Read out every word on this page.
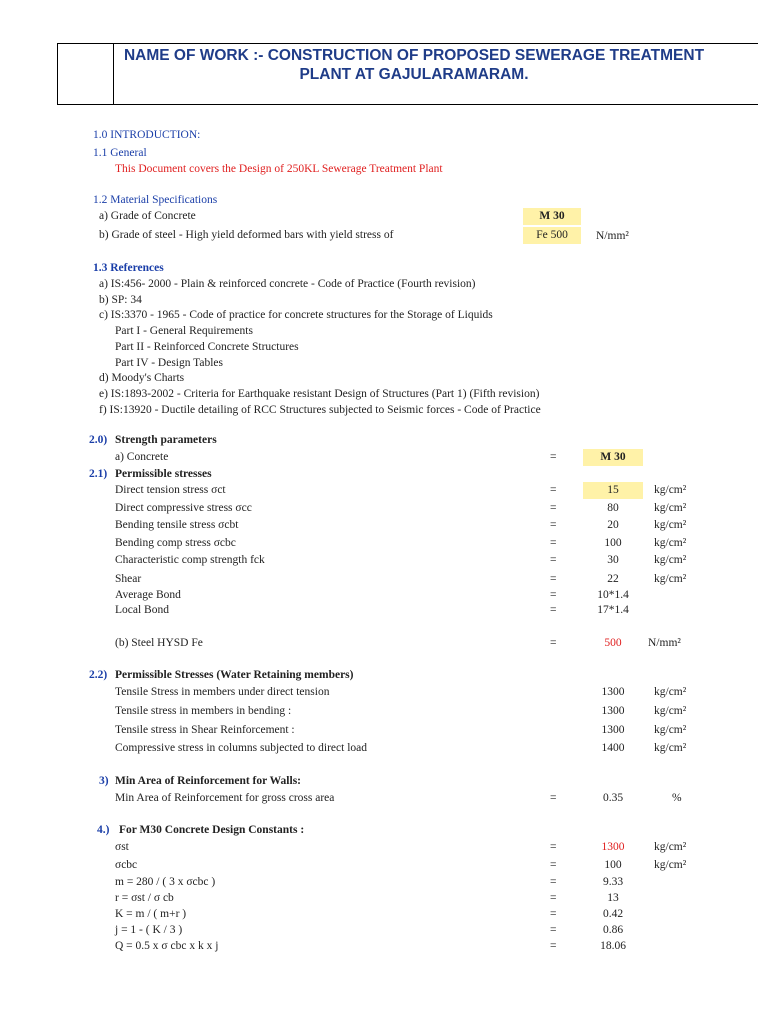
NAME OF WORK :- CONSTRUCTION OF PROPOSED SEWERAGE TREATMENT
PLANT AT GAJULARAMARAM.
1.0 INTRODUCTION:
1.1 General
This Document covers the Design of 250KL Sewerage Treatment Plant
1.2 Material Specifications
a) Grade of Concrete	M 30
b) Grade of steel - High yield deformed bars with yield stress of	Fe 500	N/mm²
1.3 References
a) IS:456- 2000 - Plain & reinforced concrete - Code of Practice (Fourth revision)
b) SP: 34
c) IS:3370 - 1965 - Code of practice for concrete structures for the Storage of Liquids
Part I - General Requirements
Part II - Reinforced Concrete Structures
Part IV - Design Tables
d) Moody's Charts
e) IS:1893-2002 - Criteria for Earthquake resistant Design of Structures (Part 1) (Fifth revision)
f) IS:13920 - Ductile detailing of RCC Structures subjected to Seismic forces - Code of Practice
2.0) Strength parameters
a) Concrete	=	M 30
2.1) Permissible stresses
Direct tension stress σct	=	15	kg/cm²
Direct compressive stress σcc	=	80	kg/cm²
Bending tensile stress σcbt	=	20	kg/cm²
Bending comp stress σcbc	=	100	kg/cm²
Characteristic comp strength fck	=	30	kg/cm²
Shear	=	22	kg/cm²
Average Bond	=	10*1.4
Local Bond	=	17*1.4
(b) Steel HYSD Fe	=	500	N/mm²
2.2) Permissible Stresses (Water Retaining members)
Tensile Stress in members under direct tension	1300	kg/cm²
Tensile stress in members in bending :	1300	kg/cm²
Tensile stress in Shear Reinforcement :	1300	kg/cm²
Compressive stress in columns subjected to direct load	1400	kg/cm²
3) Min Area of Reinforcement for Walls:
Min Area of Reinforcement for gross cross area	=	0.35	%
4.) For M30 Concrete Design Constants :
σst	=	1300	kg/cm²
σcbc	=	100	kg/cm²
m = 280 / ( 3 x σcbc )	=	9.33
r = σst / σ cb	=	13
K = m / ( m+r )	=	0.42
j = 1 - ( K / 3 )	=	0.86
Q = 0.5 x σ cbc x k x j	=	18.06
